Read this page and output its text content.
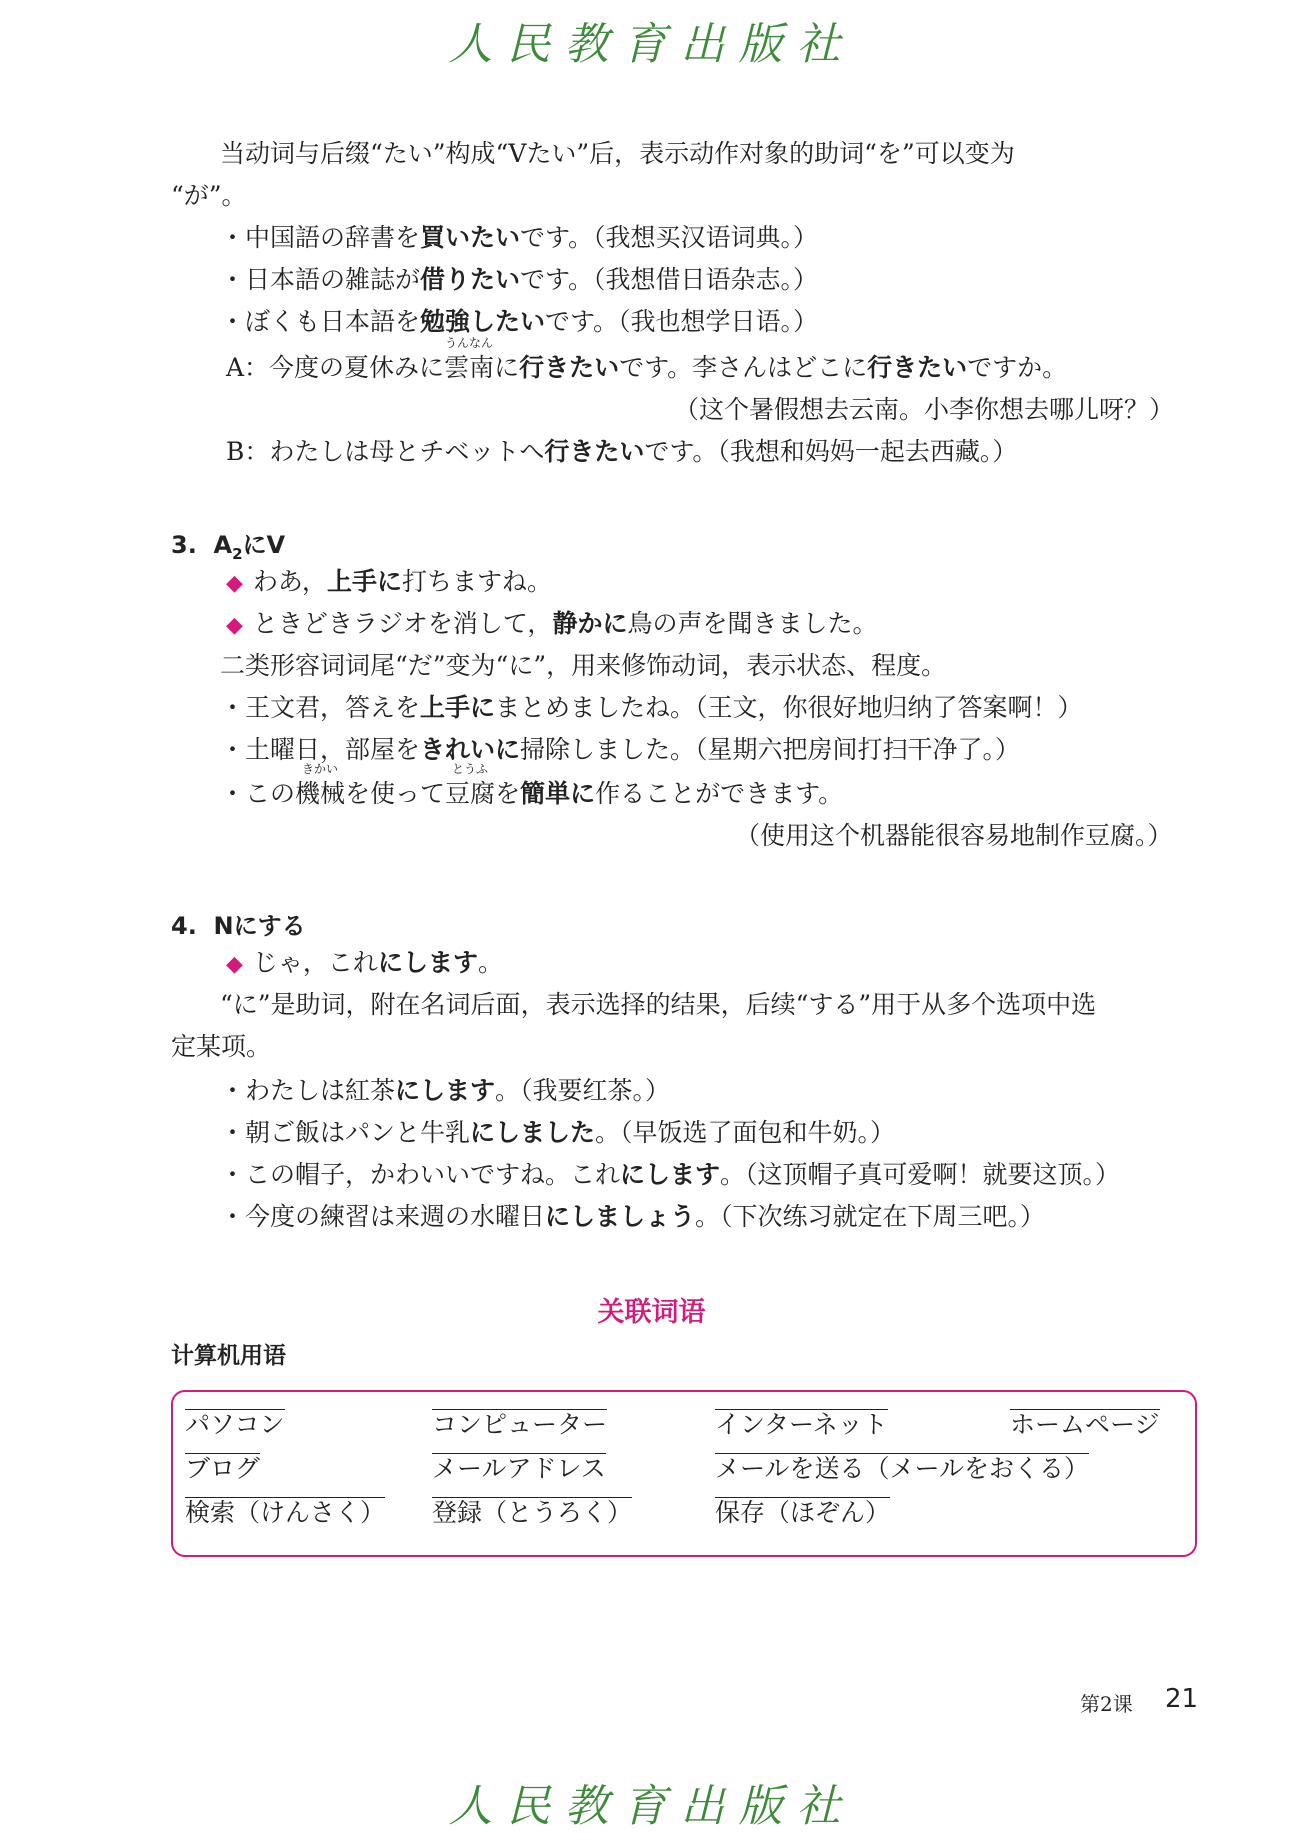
人民教育出版社
当动词与后缀“たい”构成“Vたい”后，表示动作对象的助词“を”可以变为
“が”。
・中国語の辞書を買いたいです。（我想买汉语词典。）
・日本語の雑誌が借りたいです。（我想借日语杂志。）
・ぼくも日本語を勉強したいです。（我也想学日语。）
A：今度の夏休みに
うんなん
雲南に行きたいです。李さんはどこに行きたいですか。
（这个暑假想去云南。小李你想去哪儿呀？）
B：わたしは母とチベットへ行きたいです。（我想和妈妈一起去西藏。）
3. $A_2$にV
◆ わあ，上手に打ちますね。
◆ ときどきラジオを消して，静かに鳥の声を聞きました。
二类形容词词尾“だ”变为“に”，用来修饰动词，表示状态、程度。
・王文君，答えを上手にまとめましたね。（王文，你很好地归纳了答案啊！）
・土曜日，部屋をきれいに掃除しました。（星期六把房间打扫干净了。）
・この
きかい
機械を使って
とうふ
豆腐を簡単に作ることができます。
（使用这个机器能很容易地制作豆腐。）
4. Nにする
◆ じゃ，これにします。
“に”是助词，附在名词后面，表示选择的结果，后续“する”用于从多个选项中选
定某项。
・わたしは紅茶にします。（我要红茶。）
・朝ご飯はパンと牛乳にしました。（早饭选了面包和牛奶。）
・この帽子，かわいいですね。これにします。（这顶帽子真可爱啊！就要这顶。）
・今度の練習は来週の水曜日にしましょう。（下次练习就定在下周三吧。）
关联词语
计算机用语
パソコン	コンピューター	インターネット	ホームページ
ブログ	メールアドレス	メールを送る（メールをおくる）
検索（けんさく） 登録（とうろく）	保存（ほぞん）
第2课 21
人民教育出版社
